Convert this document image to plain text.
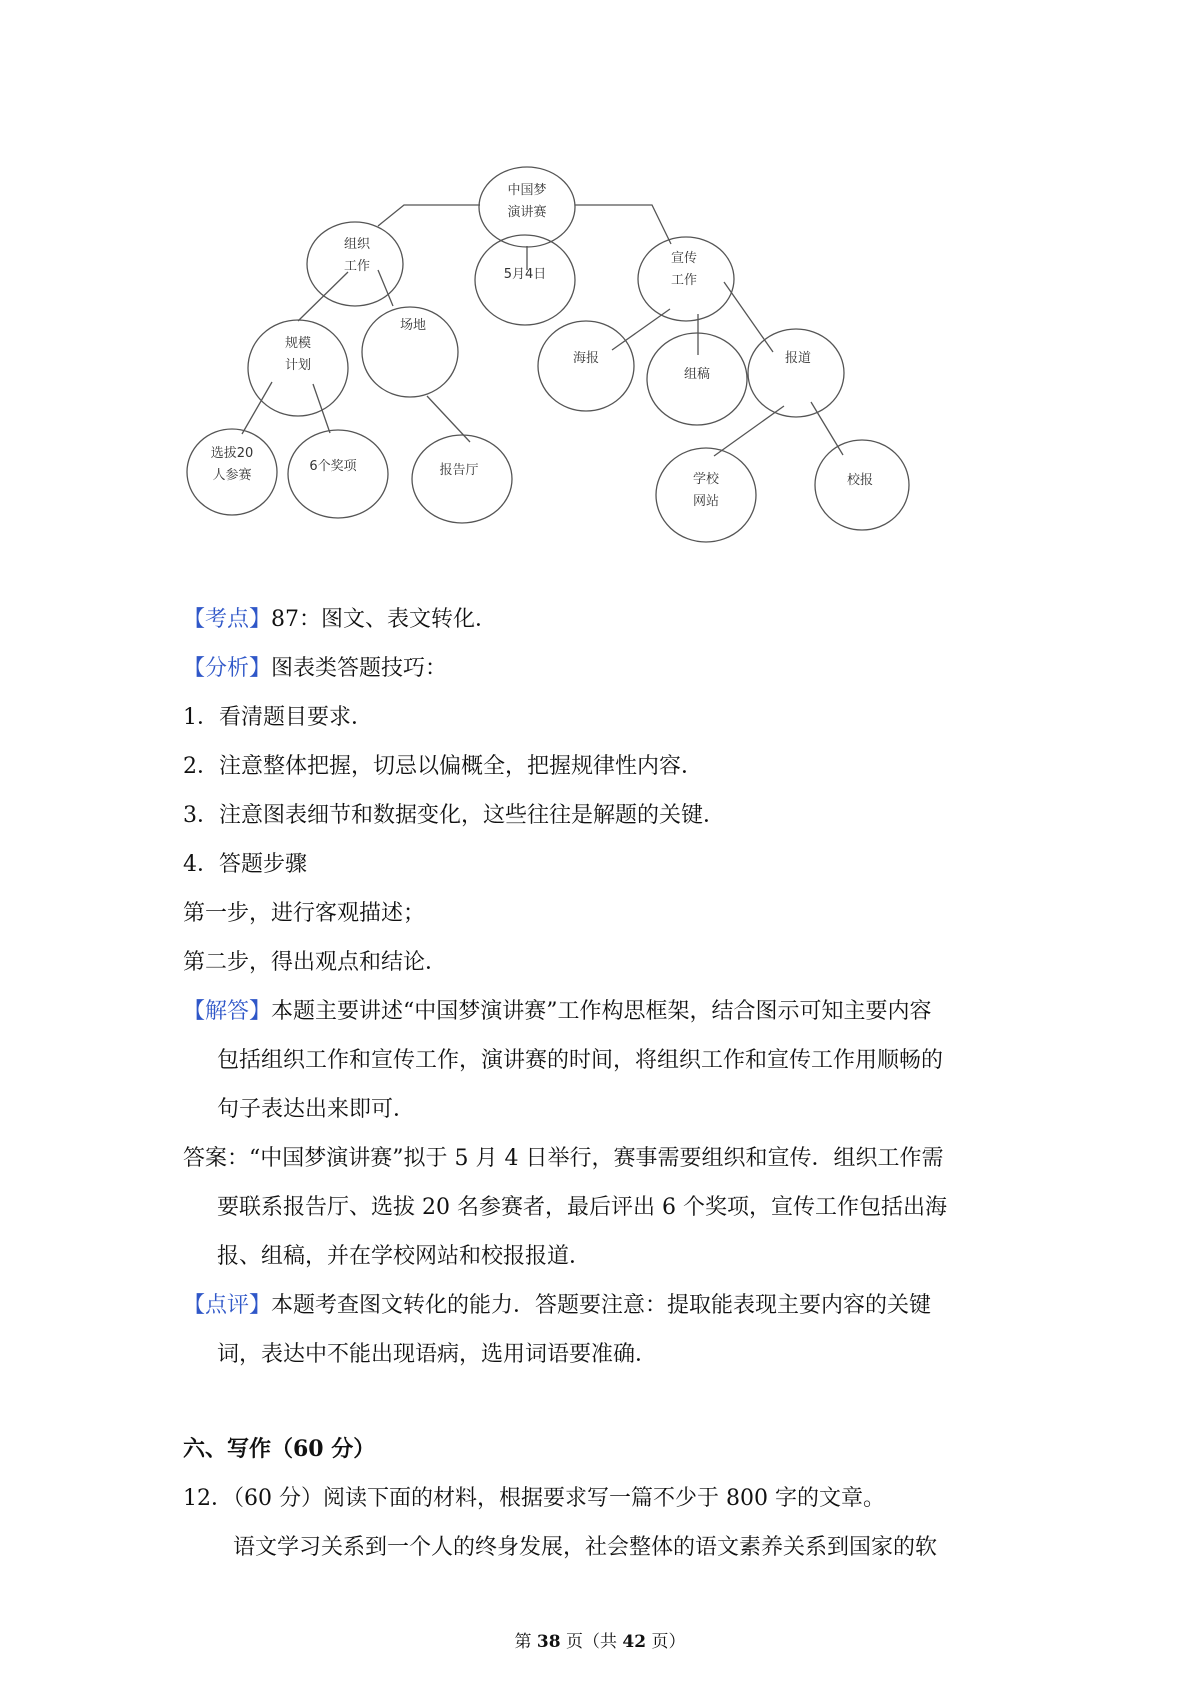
中国梦演讲赛
组织工作
5月4日
宣传工作
规模计划
场地
海报
组稿
报道
选拔20 人参赛
6个奖项	报告厅
学校网站
校报

【考点】87：图文、表文转化．

【分析】图表类答题技巧：

1．看清题目要求．

2．注意整体把握，切忌以偏概全，把握规律性内容．

3．注意图表细节和数据变化，这些往往是解题的关键．

4．答题步骤

第一步，进行客观描述；

第二步，得出观点和结论．

【解答】本题主要讲述“中国梦演讲赛”工作构思框架，结合图示可知主要内容

包括组织工作和宣传工作，演讲赛的时间，将组织工作和宣传工作用顺畅的

句子表达出来即可．

答案：“中国梦演讲赛”拟于 5 月 4 日举行，赛事需要组织和宣传．组织工作需

要联系报告厅、选拔 20 名参赛者，最后评出 6 个奖项，宣传工作包括出海

报、组稿，并在学校网站和校报报道．

【点评】本题考查图文转化的能力．答题要注意：提取能表现主要内容的关键

词，表达中不能出现语病，选用词语要准确．

六、写作（60 分）

12．（60 分）阅读下面的材料，根据要求写一篇不少于 800 字的文章。

语文学习关系到一个人的终身发展，社会整体的语文素养关系到国家的软

第 38 页（共 42 页）
